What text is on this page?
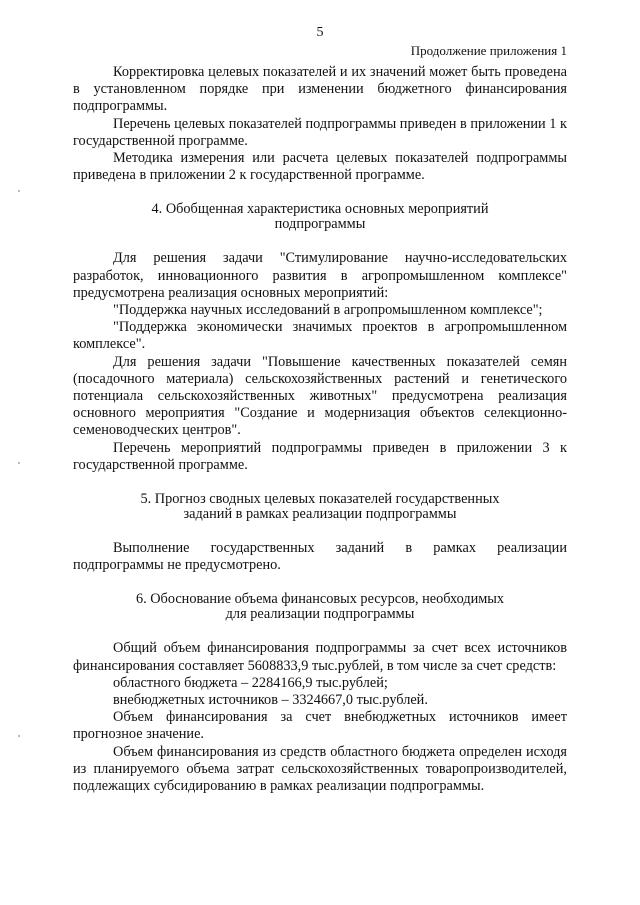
5
Продолжение приложения 1

Корректировка целевых показателей и их значений может быть проведена в установленном порядке при изменении бюджетного финансирования подпрограммы.

Перечень целевых показателей подпрограммы приведен в приложении 1 к государственной программе.

Методика измерения или расчета целевых показателей подпрограммы приведена в приложении 2 к государственной программе.

4. Обобщенная характеристика основных мероприятий
подпрограммы

Для решения задачи "Стимулирование научно-исследовательских разработок, инновационного развития в агропромышленном комплексе" предусмотрена реализация основных мероприятий:

"Поддержка научных исследований в агропромышленном комплексе";

"Поддержка экономически значимых проектов в агропромышленном комплексе".

Для решения задачи "Повышение качественных показателей семян (посадочного материала) сельскохозяйственных растений и генетического потенциала сельскохозяйственных животных" предусмотрена реализация основного мероприятия "Создание и модернизация объектов селекционно-семеноводческих центров".

Перечень мероприятий подпрограммы приведен в приложении 3 к государственной программе.

5. Прогноз сводных целевых показателей государственных
заданий в рамках реализации подпрограммы

Выполнение государственных заданий в рамках реализации подпрограммы не предусмотрено.

6. Обоснование объема финансовых ресурсов, необходимых
для реализации подпрограммы

Общий объем финансирования подпрограммы за счет всех источников финансирования составляет 5608833,9 тыс.рублей, в том числе за счет средств:

областного бюджета – 2284166,9 тыс.рублей;

внебюджетных источников – 3324667,0 тыс.рублей.

Объем финансирования за счет внебюджетных источников имеет прогнозное значение.

Объем финансирования из средств областного бюджета определен исходя из планируемого объема затрат сельскохозяйственных товаропроизводителей, подлежащих субсидированию в рамках реализации подпрограммы.
